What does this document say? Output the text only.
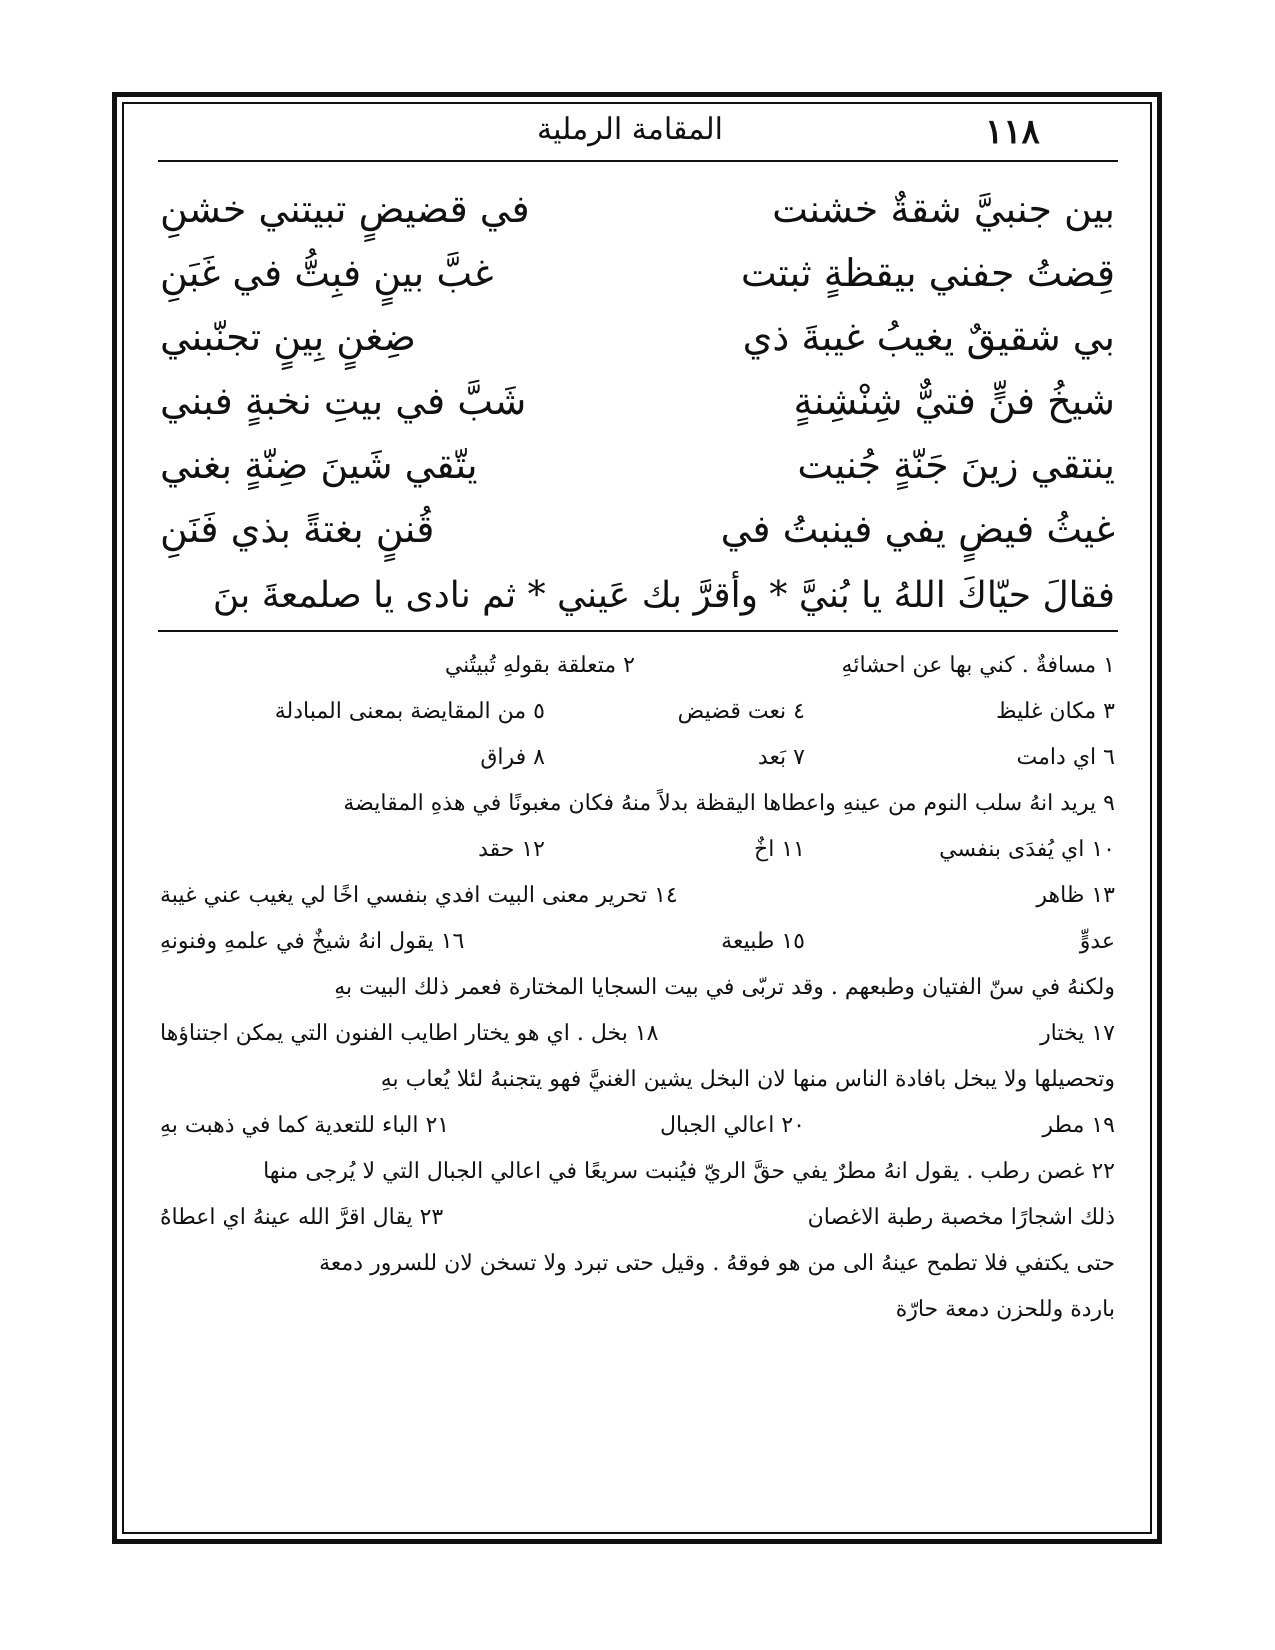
١١٨
المقامة الرملية
بين جنبيَّ شقةٌ خشنت
في قضيضٍ تبيتني خشنِ
قِضتُ جفني بيقظةٍ ثبتت
غبَّ بينٍ فبِتُّ في غَبَنِ
بي شقيقٌ يغيبُ غيبةَ ذي
ضِغنٍ بِينٍ تجنّبني
شيخُ فنٍّ فتيٌّ شِنْشِنةٍ
شَبَّ في بيتِ نخبةٍ فبني
ينتقي زينَ جَنّةٍ جُنيت
يتّقي شَينَ ضِنّةٍ بغني
غيثُ فيضٍ يفي فينبتُ في
قُننٍ بغتةً بذي فَنَنِ
فقالَ حيّاكَ اللهُ يا بُنيَّ * وأقرَّ بك عَيني * ثم نادى يا صلمعةَ بنَ
١ مسافةٌ . كني بها عن احشائهِ
٢ متعلقة بقولهِ تُبيتُني
٣ مكان غليظ
٤ نعت قضيض
٥ من المقايضة بمعنى المبادلة
٦ اي دامت
٧ بَعد
٨ فراق
٩ يريد انهُ سلب النوم من عينهِ واعطاها اليقظة بدلاً منهُ فكان مغبونًا في هذهِ المقايضة
١٠ اي يُفدَى بنفسي
١١ اخٌ
١٢ حقد
١٣ ظاهر
١٤ تحرير معنى البيت افدي بنفسي اخًا لي يغيب عني غيبة
عدوٍّ
١٥ طبيعة
١٦ يقول انهُ شيخٌ في علمهِ وفنونهِ
ولكنهُ في سنّ الفتيان وطبعهم . وقد تربّى في بيت السجايا المختارة فعمر ذلك البيت بهِ
١٧ يختار
١٨ بخل . اي هو يختار اطايب الفنون التي يمكن اجتناؤها
وتحصيلها ولا يبخل بافادة الناس منها لان البخل يشين الغنيَّ فهو يتجنبهُ لئلا يُعاب بهِ
١٩ مطر
٢٠ اعالي الجبال
٢١ الباء للتعدية كما في ذهبت بهِ
٢٢ غصن رطب . يقول انهُ مطرٌ يفي حقَّ الريّ فيُنبت سريعًا في اعالي الجبال التي لا يُرجى منها
ذلك اشجارًا مخصبة رطبة الاغصان
٢٣ يقال اقرَّ الله عينهُ اي اعطاهُ
حتى يكتفي فلا تطمح عينهُ الى من هو فوقهُ . وقيل حتى تبرد ولا تسخن لان للسرور دمعة
باردة وللحزن دمعة حارّة
